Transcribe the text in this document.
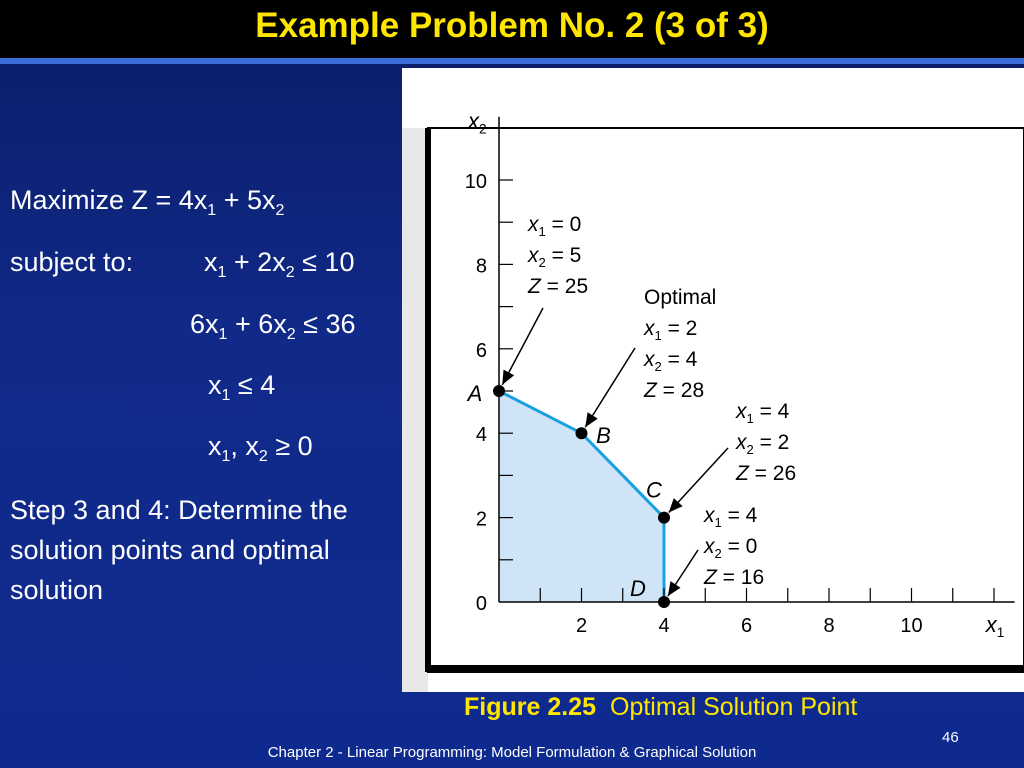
Example Problem No. 2 (3 of 3)
Maximize $Z = 4x_1 + 5x_2$
subject to:	$x_1 + 2x_2 \le 10$
$6x_1 + 6x_2 \le 36$
$x_1 \le 4$
$x_1$, $x_2 \ge 0$
Step 3 and 4: Determine the solution points and optimal solution	0
2
4
6
8
10
2	4	6	8	10
$x_2$
$x_1$
$x_1 = 0$
$x_2 = 5$
Z = 25
A
Optimal
$x_1 = 2$
$x_2 = 4$
Z = 28
B
$x_1 = 4$
$x_2 = 2$
Z = 26
C
$x_1 = 4$
$x_2 = 0$
Z = 16
D
Figure 2.25 Optimal Solution Point
46
Chapter 2 - Linear Programming: Model Formulation & Graphical Solution
